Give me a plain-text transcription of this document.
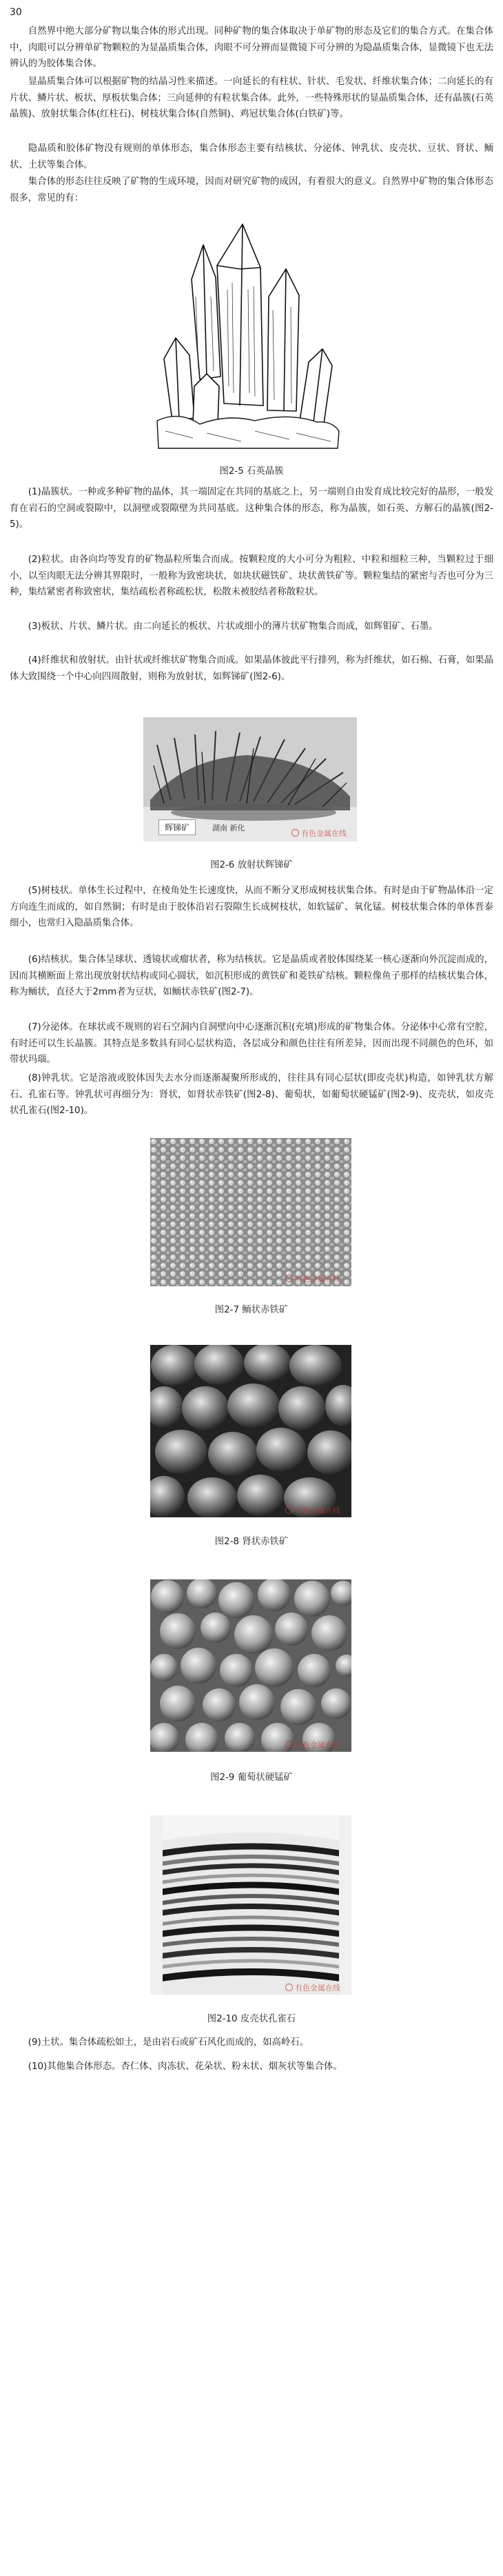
30

自然界中绝大部分矿物以集合体的形式出现。同种矿物的集合体取决于单矿物的形态及它们的集合方式。在集合体中，肉眼可以分辨单矿物颗粒的为显晶质集合体，肉眼不可分辨而显微镜下可分辨的为隐晶质集合体，显微镜下也无法辨认的为胶体集合体。

显晶质集合体可以根据矿物的结晶习性来描述。一向延长的有柱状、针状、毛发状、纤维状集合体；二向延长的有片状、鳞片状、板状、厚板状集合体；三向延伸的有粒状集合体。此外，一些特殊形状的显晶质集合体，还有晶簇(石英晶簇)、放射状集合体(红柱石)、树枝状集合体(自然铜)、鸡冠状集合体(白铁矿)等。

隐晶质和胶体矿物没有规则的单体形态，集合体形态主要有结核状、分泌体、钟乳状、皮壳状、豆状、肾状、鲕状、土状等集合体。

集合体的形态往往反映了矿物的生成环境，因而对研究矿物的成因，有着很大的意义。自然界中矿物的集合体形态很多，常见的有：

图2-5 石英晶簇

(1)晶簇状。一种或多种矿物的晶体，其一端固定在共同的基底之上，另一端则自由发育成比较完好的晶形，一般发育在岩石的空洞或裂隙中，以洞壁或裂隙壁为共同基底。这种集合体的形态，称为晶簇，如石英、方解石的晶簇(图2-5)。

(2)粒状。由各向均等发育的矿物晶粒所集合而成。按颗粒度的大小可分为粗粒、中粒和细粒三种，当颗粒过于细小，以至肉眼无法分辨其界限时，一般称为致密块状，如块状磁铁矿、块状黄铁矿等。颗粒集结的紧密与否也可分为三种，集结紧密者称致密状，集结疏松者称疏松状，松散未被胶结者称散粒状。

(3)板状、片状、鳞片状。由二向延长的板状、片状或细小的薄片状矿物集合而成，如辉钼矿、石墨。

(4)纤维状和放射状。由针状或纤维状矿物集合而成。如果晶体彼此平行排列，称为纤维状，如石棉、石膏，如果晶体大致围绕一个中心向四周散射，则称为放射状，如辉锑矿(图2-6)。

辉锑矿	湖南 新化
有色金属在线
图2-6 放射状辉锑矿

(5)树枝状。单体生长过程中，在棱角处生长速度快，从而不断分叉形成树枝状集合体。有时是由于矿物晶体沿一定方向连生而成的，如自然铜；有时是由于胶体沿岩石裂隙生长成树枝状，如软锰矿、氧化锰。树枝状集合体的单体晋泰细小，也常归入隐晶质集合体。

(6)结核状。集合体呈球状、透镜状或瘤状者，称为结核状。它是晶质或者胶体围绕某一核心逐渐向外沉淀而成的，因而其横断面上常出现放射状结构或同心圆状，如沉积形成的黄铁矿和菱铁矿结核。颗粒像鱼子那样的结核状集合体，称为鲕状，直径大于2mm者为豆状，如鲕状赤铁矿(图2-7)。

(7)分泌体。在球状或不规则的岩石空洞内自洞壁向中心逐渐沉积(充填)形成的矿物集合体。分泌体中心常有空腔，有时还可以生长晶簇。其特点是多数具有同心层状构造，各层成分和颜色往往有所差异，因而出现不同颜色的色环，如带状玛瑙。

(8)钟乳状。它是溶液或胶体因失去水分而逐渐凝聚所形成的，往往具有同心层状(即皮壳状)构造，如钟乳状方解石、孔雀石等。钟乳状可再细分为：肾状，如肾状赤铁矿(图2-8)、葡萄状，如葡萄状硬锰矿(图2-9)、皮壳状，如皮壳状孔雀石(图2-10)。

有色金属在线
图2-7 鲕状赤铁矿
有色金属在线
图2-8 肾状赤铁矿
有色金属在线
图2-9 葡萄状硬锰矿
有色金属在线
图2-10 皮壳状孔雀石

(9)土状。集合体疏松如土，是由岩石或矿石风化而成的，如高岭石。

(10)其他集合体形态。杏仁体、肉冻状、花朵状、粉末状、烟灰状等集合体。
